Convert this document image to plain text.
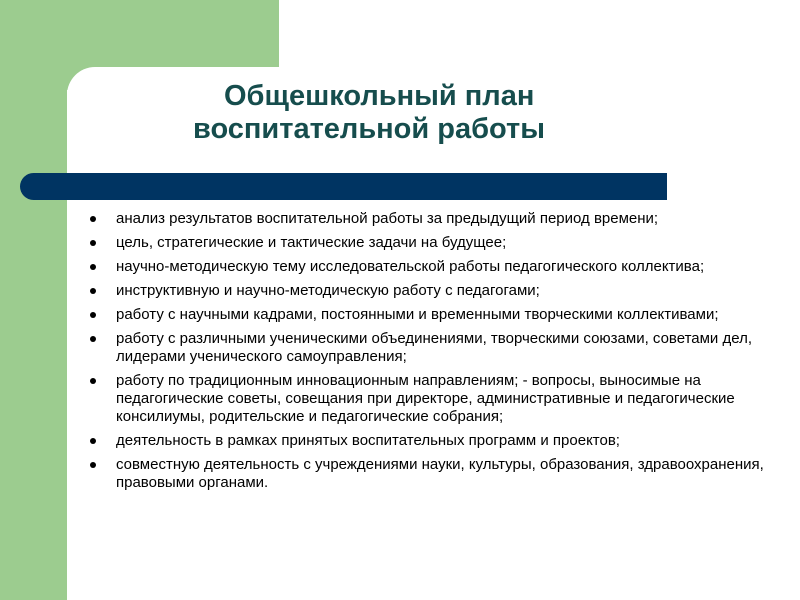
Общешкольный план
воспитательной работы
анализ результатов воспитательной работы за предыдущий период времени;
цель, стратегические и тактические задачи на будущее;
научно-методическую тему исследовательской работы педагогического коллектива;
инструктивную и научно-методическую работу с педагогами;
работу с научными кадрами, постоянными и временными творческими коллективами;
работу с различными ученическими объединениями, творческими союзами, советами дел, лидерами ученического самоуправления;
работу по традиционным инновационным направлениям; - вопросы, выносимые на педагогические советы, совещания при директоре, административные и педагогические консилиумы, родительские и педагогические собрания;
деятельность в рамках принятых воспитательных программ и проектов;
совместную деятельность с учреждениями науки, культуры, образования, здравоохранения, правовыми органами.
